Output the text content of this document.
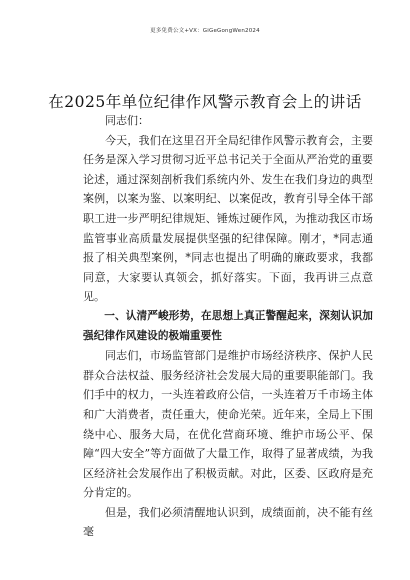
更多免费公文+VX：GiGeGongWen2024
在2025年单位纪律作风警示教育会上的讲话

同志们：

今天，我们在这里召开全局纪律作风警示教育会，主要任务是深入学习贯彻习近平总书记关于全面从严治党的重要论述，通过深刻剖析我们系统内外、发生在我们身边的典型案例，以案为鉴、以案明纪、以案促改，教育引导全体干部职工进一步严明纪律规矩、锤炼过硬作风，为推动我区市场监管事业高质量发展提供坚强的纪律保障。刚才，*同志通报了相关典型案例，*同志也提出了明确的廉政要求，我都同意，大家要认真领会，抓好落实。下面，我再讲三点意见。

一、认清严峻形势，在思想上真正警醒起来，深刻认识加强纪律作风建设的极端重要性

同志们，市场监管部门是维护市场经济秩序、保护人民群众合法权益、服务经济社会发展大局的重要职能部门。我们手中的权力，一头连着政府公信，一头连着万千市场主体和广大消费者，责任重大，使命光荣。近年来，全局上下围绕中心、服务大局，在优化营商环境、维护市场公平、保障“四大安全”等方面做了大量工作，取得了显著成绩，为我区经济社会发展作出了积极贡献。对此，区委、区政府是充分肯定的。

但是，我们必须清醒地认识到，成绩面前，决不能有丝毫
